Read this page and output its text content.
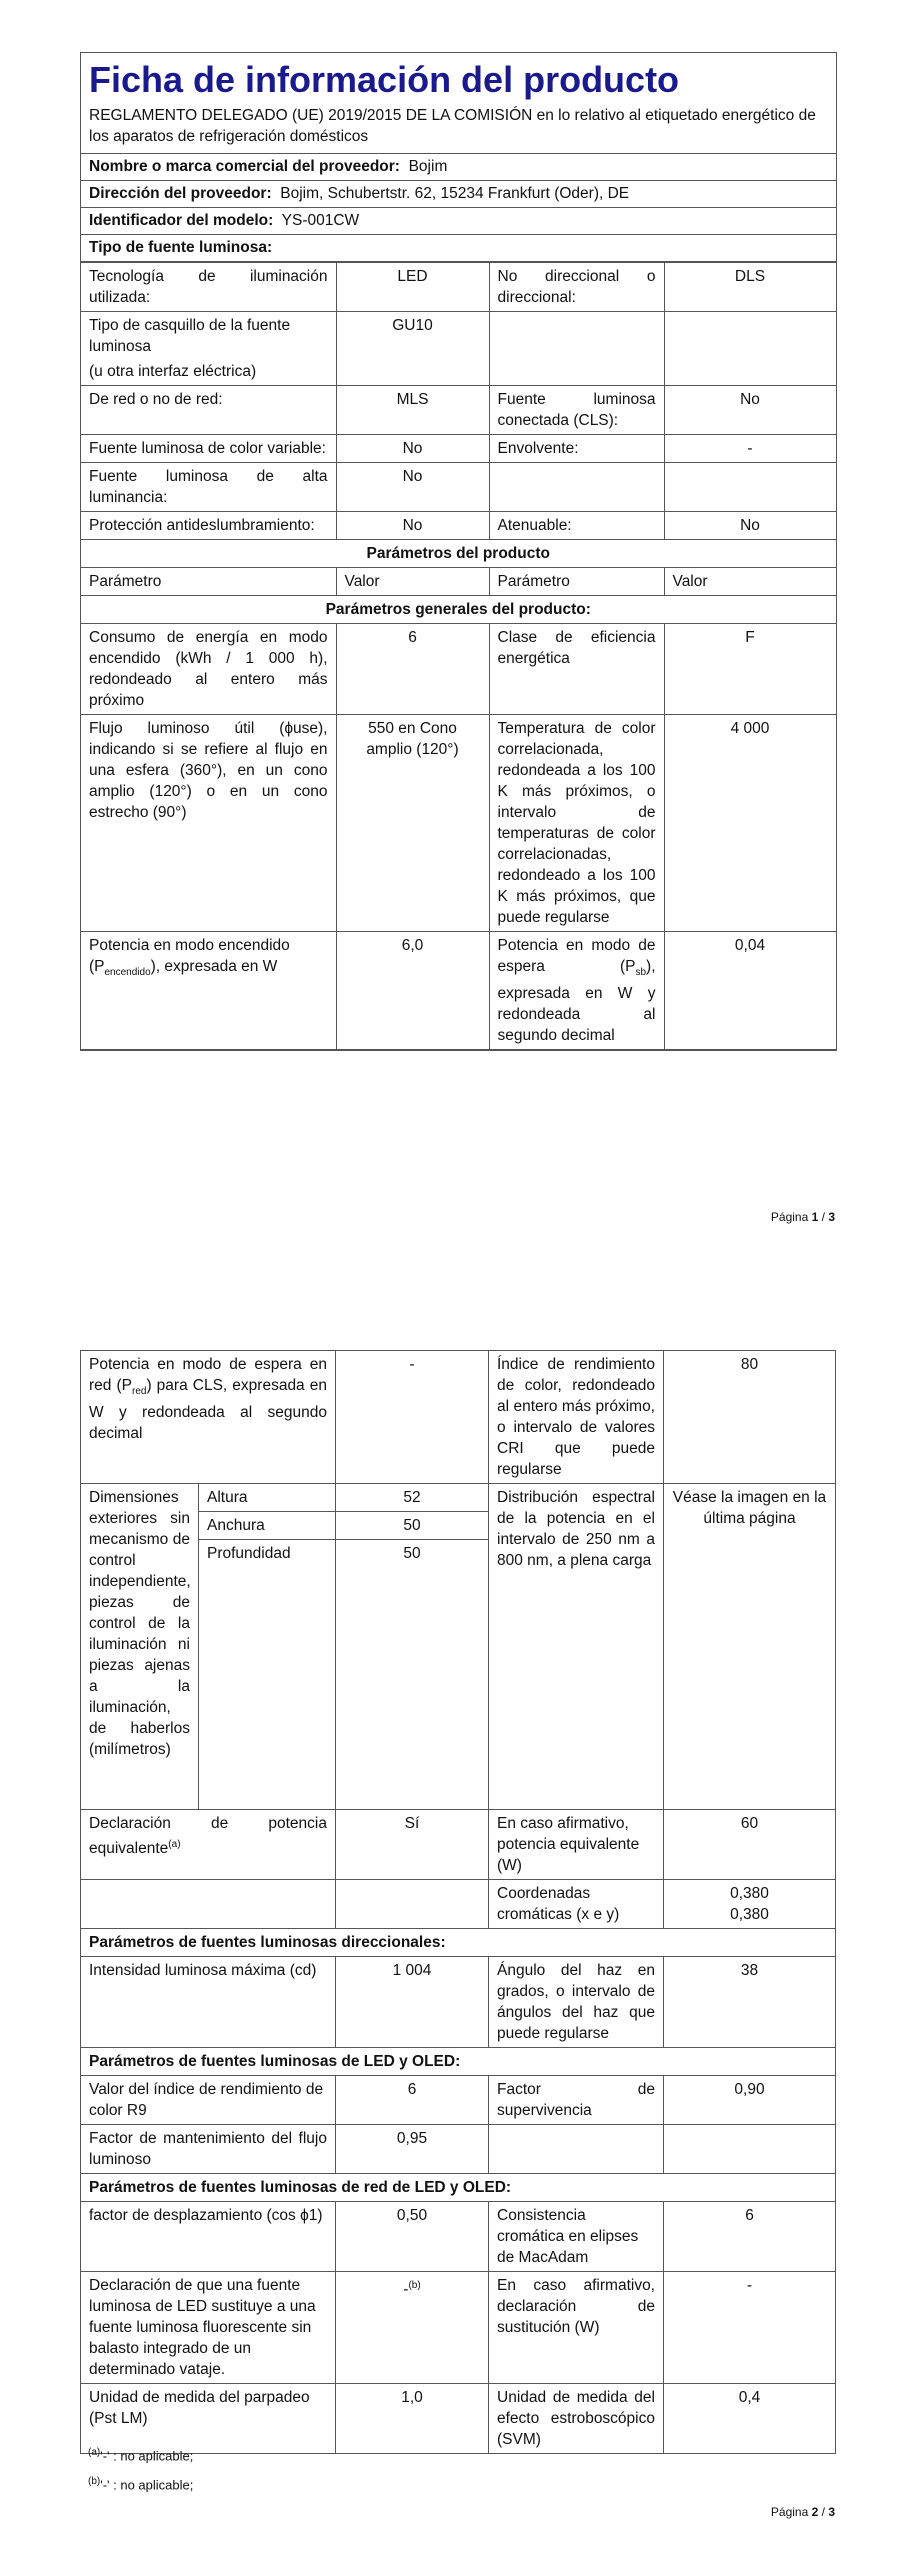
Ficha de información del producto
REGLAMENTO DELEGADO (UE) 2019/2015 DE LA COMISIÓN en lo relativo al etiquetado energético de los aparatos de refrigeración domésticos
Nombre o marca comercial del proveedor: Bojim
Dirección del proveedor: Bojim, Schubertstr. 62, 15234 Frankfurt (Oder), DE
Identificador del modelo: YS-001CW
Tipo de fuente luminosa:
Tecnología de iluminación utilizada:	LED	No direccional o direccional:	DLS

Tipo de casquillo de la fuente luminosa
(u otra interfaz eléctrica)	GU10		
De red o no de red:	MLS	Fuente luminosa conectada (CLS):	No
Fuente luminosa de color variable:	No	Envolvente:	-
Fuente luminosa de alta luminancia:	No		
Protección antideslumbramiento:	No	Atenuable:	No
Parámetros del producto			
Parámetro	Valor	Parámetro	Valor
Parámetros generales del producto:			
Consumo de energía en modo encendido (kWh / 1 000 h), redondeado al entero más próximo	6	Clase de eficiencia energética	F
Flujo luminoso útil (ϕuse), indicando si se refiere al flujo en una esfera (360°), en un cono amplio (120°) o en un cono estrecho (90°)	550 en Cono amplio (120°)	Temperatura de color correlacionada, redondeada a los 100 K más próximos, o intervalo de temperaturas de color correlacionadas, redondeado a los 100 K más próximos, que puede regularse	4 000
Potencia en modo encendido $(P_{encendido})$, expresada en W	6,0	Potencia en modo de espera $(P_{sb})$, expresada en W y redondeada al segundo decimal	0,04
Página 1 / 3
Potencia en modo de espera en red $(P_{red})$ para CLS, expresada en W y redondeada al segundo decimal		-	Índice de rendimiento de color, redondeado al entero más próximo, o intervalo de valores CRI que puede regularse	80
Dimensiones exteriores sin mecanismo de control independiente, piezas de control de la iluminación ni piezas ajenas a la iluminación, de haberlos (milímetros)	Altura	52	Distribución espectral de la potencia en el intervalo de 250 nm a 800 nm, a plena carga	Véase la imagen en la última página
	Anchura	50		
	Profundidad	50		
Declaración de potencia equivalente$^{(a)}$		Sí	En caso afirmativo, potencia equivalente (W)	60
			Coordenadas cromáticas (x e y)	0,380
0,380

Parámetros de fuentes luminosas direccionales:				
Intensidad luminosa máxima (cd)		1 004	Ángulo del haz en grados, o intervalo de ángulos del haz que puede regularse	38
Parámetros de fuentes luminosas de LED y OLED:				
Valor del índice de rendimiento de color R9		6	Factor de supervivencia	0,90
Factor de mantenimiento del flujo luminoso		0,95		
Parámetros de fuentes luminosas de red de LED y OLED:				
factor de desplazamiento (cos ϕ1)		0,50	Consistencia cromática en elipses de MacAdam	6
Declaración de que una fuente luminosa de LED sustituye a una fuente luminosa fluorescente sin balasto integrado de un determinado vataje.		-$^{(b)}$	En caso afirmativo, declaración de sustitución (W)	-
Unidad de medida del parpadeo (Pst LM)		1,0	Unidad de medida del efecto estroboscópico (SVM)	0,4
$^{(a)}$'-' : no aplicable;
$^{(b)}$'-' : no aplicable;
Página 2 / 3
